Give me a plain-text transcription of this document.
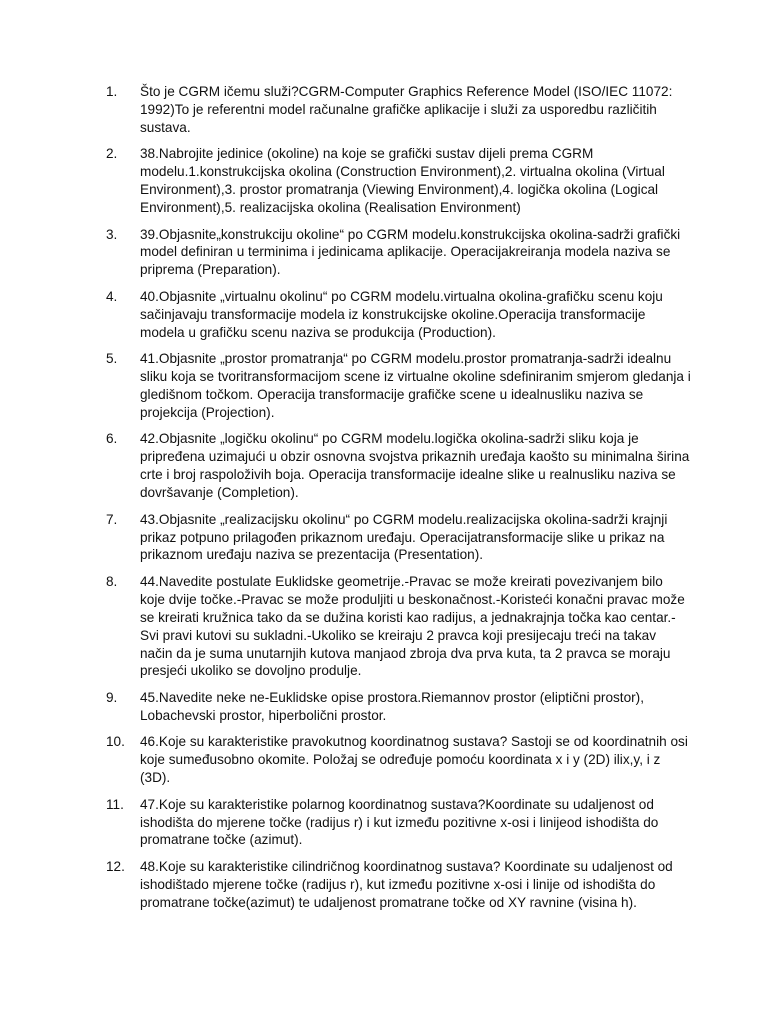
1.	Što je CGRM ičemu služi?CGRM-Computer Graphics Reference Model (ISO/IEC 11072: 1992)To je referentni model računalne grafičke aplikacije i služi za usporedbu različitih sustava.
2.	38.Nabrojite jedinice (okoline) na koje se grafički sustav dijeli prema CGRM modelu.1.konstrukcijska okolina (Construction Environment),2. virtualna okolina (Virtual Environment),3. prostor promatranja (Viewing Environment),4. logička okolina (Logical Environment),5. realizacijska okolina (Realisation Environment)
3.	39.Objasnite„konstrukciju okoline“ po CGRM modelu.konstrukcijska okolina-sadrži grafički model definiran u terminima i jedinicama aplikacije. Operacijakreiranja modela naziva se priprema (Preparation).
4.	40.Objasnite „virtualnu okolinu“ po CGRM modelu.virtualna okolina-grafičku scenu koju sačinjavaju transformacije modela iz konstrukcijske okoline.Operacija transformacije modela u grafičku scenu naziva se produkcija (Production).
5.	41.Objasnite „prostor promatranja“ po CGRM modelu.prostor promatranja-sadrži idealnu sliku koja se tvoritransformacijom scene iz virtualne okoline sdefiniranim smjerom gledanja i gledišnom točkom. Operacija transformacije grafičke scene u idealnusliku naziva se projekcija (Projection).
6.	42.Objasnite „logičku okolinu“ po CGRM modelu.logička okolina-sadrži sliku koja je pripređena uzimajući u obzir osnovna svojstva prikaznih uređaja kaošto su minimalna širina crte i broj raspoloživih boja. Operacija transformacije idealne slike u realnusliku naziva se dovršavanje (Completion).
7.	43.Objasnite „realizacijsku okolinu“ po CGRM modelu.realizacijska okolina-sadrži krajnji prikaz potpuno prilagođen prikaznom uređaju. Operacijatransformacije slike u prikaz na prikaznom uređaju naziva se prezentacija (Presentation).
8.	44.Navedite postulate Euklidske geometrije.-Pravac se može kreirati povezivanjem bilo koje dvije točke.-Pravac se može produljiti u beskonačnost.-Koristeći konačni pravac može se kreirati kružnica tako da se dužina koristi kao radijus, a jednakrajnja točka kao centar.-Svi pravi kutovi su sukladni.-Ukoliko se kreiraju 2 pravca koji presijecaju treći na takav način da je suma unutarnjih kutova manjaod zbroja dva prva kuta, ta 2 pravca se moraju presjeći ukoliko se dovoljno produlje.
9.	45.Navedite neke ne-Euklidske opise prostora.Riemannov prostor (eliptični prostor), Lobachevski prostor, hiperbolični prostor.
10.	46.Koje su karakteristike pravokutnog koordinatnog sustava? Sastoji se od koordinatnih osi koje sumeđusobno okomite. Položaj se određuje pomoću koordinata x i y (2D) ilix,y, i z (3D).
11.	47.Koje su karakteristike polarnog koordinatnog sustava?Koordinate su udaljenost od ishodišta do mjerene točke (radijus r) i kut između pozitivne x-osi i linijeod ishodišta do promatrane točke (azimut).
12.	48.Koje su karakteristike cilindričnog koordinatnog sustava? Koordinate su udaljenost od ishodištado mjerene točke (radijus r), kut između pozitivne x-osi i linije od ishodišta do promatrane točke(azimut) te udaljenost promatrane točke od XY ravnine (visina h).
